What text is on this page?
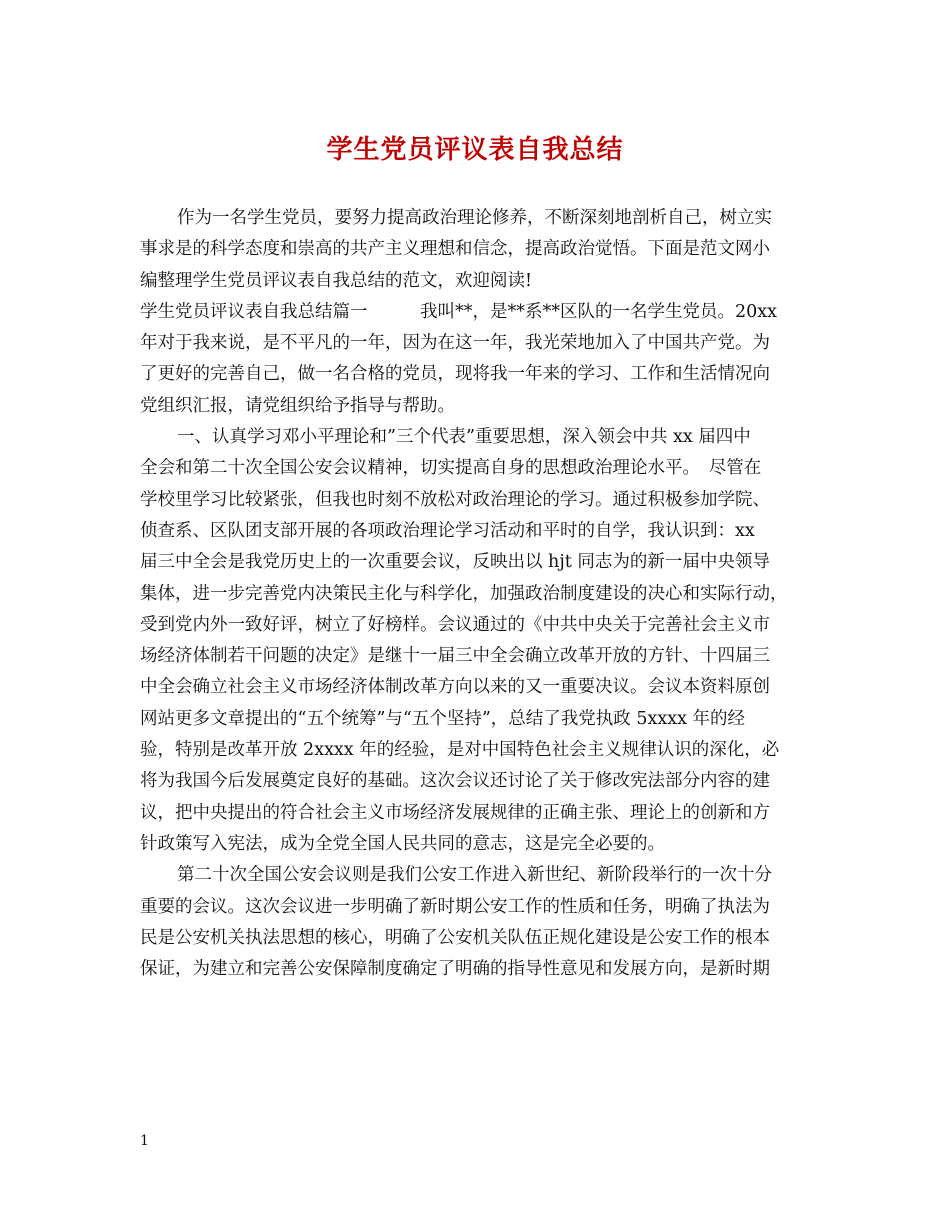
学生党员评议表自我总结
作为一名学生党员，要努力提高政治理论修养，不断深刻地剖析自己，树立实
事求是的科学态度和崇高的共产主义理想和信念，提高政治觉悟。下面是范文网小
编整理学生党员评议表自我总结的范文，欢迎阅读!
学生党员评议表自我总结篇一　　　我叫**，是**系**区队的一名学生党员。20xx
年对于我来说，是不平凡的一年，因为在这一年，我光荣地加入了中国共产党。为
了更好的完善自己，做一名合格的党员，现将我一年来的学习、工作和生活情况向
党组织汇报，请党组织给予指导与帮助。
一、认真学习邓小平理论和”三个代表”重要思想，深入领会中共 xx 届四中
全会和第二十次全国公安会议精神，切实提高自身的思想政治理论水平。　尽管在
学校里学习比较紧张，但我也时刻不放松对政治理论的学习。通过积极参加学院、
侦查系、区队团支部开展的各项政治理论学习活动和平时的自学，我认识到：xx
届三中全会是我党历史上的一次重要会议，反映出以 hjt 同志为的新一届中央领导
集体，进一步完善党内决策民主化与科学化，加强政治制度建设的决心和实际行动，
受到党内外一致好评，树立了好榜样。会议通过的《中共中央关于完善社会主义市
场经济体制若干问题的决定》是继十一届三中全会确立改革开放的方针、十四届三
中全会确立社会主义市场经济体制改革方向以来的又一重要决议。会议本资料原创
网站更多文章提出的“五个统筹”与“五个坚持”，总结了我党执政 5xxxx 年的经
验，特别是改革开放 2xxxx 年的经验，是对中国特色社会主义规律认识的深化，必
将为我国今后发展奠定良好的基础。这次会议还讨论了关于修改宪法部分内容的建
议，把中央提出的符合社会主义市场经济发展规律的正确主张、理论上的创新和方
针政策写入宪法，成为全党全国人民共同的意志，这是完全必要的。
第二十次全国公安会议则是我们公安工作进入新世纪、新阶段举行的一次十分
重要的会议。这次会议进一步明确了新时期公安工作的性质和任务，明确了执法为
民是公安机关执法思想的核心，明确了公安机关队伍正规化建设是公安工作的根本
保证，为建立和完善公安保障制度确定了明确的指导性意见和发展方向，是新时期
1
